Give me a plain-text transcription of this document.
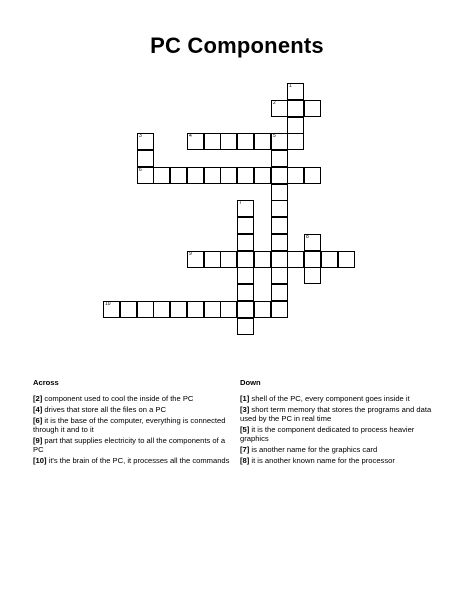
PC Components
1
2
3	4	5
6
7
8
9
10
Across
[2] component used to cool the inside of the PC
[4] drives that store all the files on a PC
[6] it is the base of the computer, everything is connected through it and to it
[9] part that supplies electricity to all the components of a PC
[10] it's the brain of the PC, it processes all the commands
Down
[1] shell of the PC, every component goes inside it
[3] short term memory that stores the programs and data used by the PC in real time
[5] it is the component dedicated to process heavier graphics
[7] is another name for the graphics card
[8] it is another known name for the processor
